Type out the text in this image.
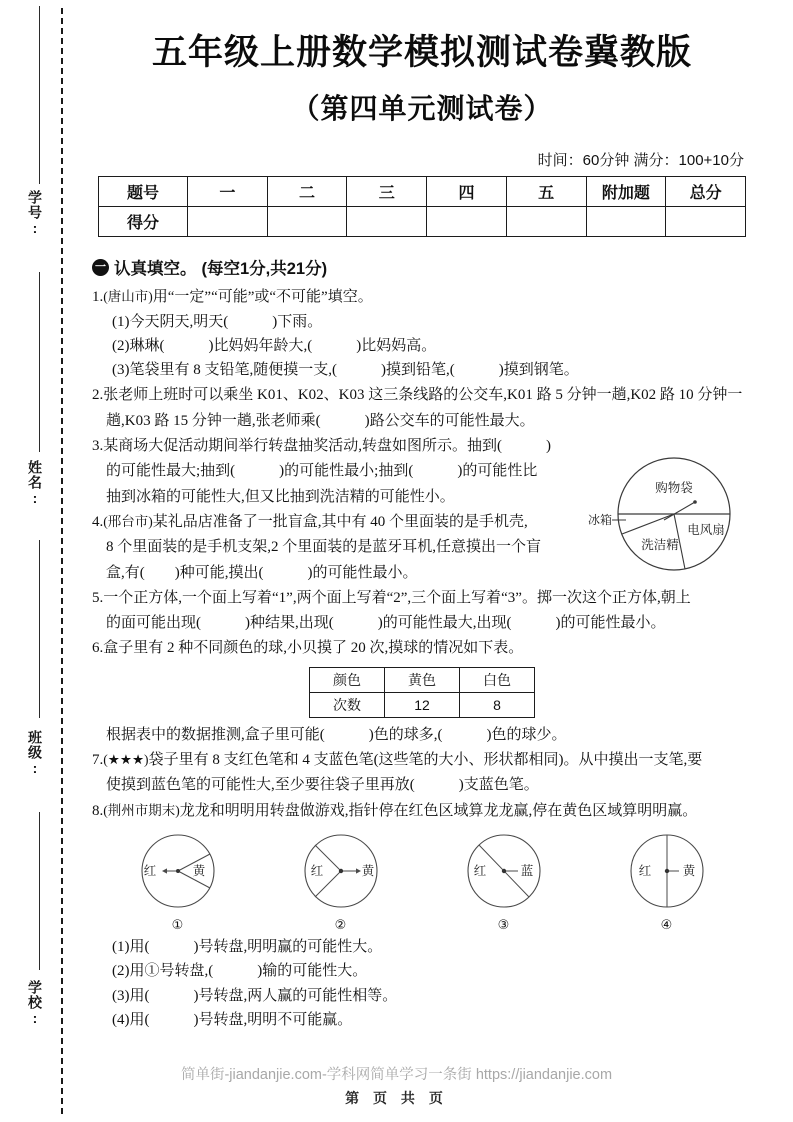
学号:
姓名:
班级:
学校:
五年级上册数学模拟测试卷冀教版
（第四单元测试卷）
时间：60分钟 满分：100+10分
题号	一	二	三	四	五	附加题	总分
得分							
一 认真填空。 (每空1分,共21分)
1.(唐山市)用“一定”“可能”或“不可能”填空。
(1)今天阴天,明天(	)下雨。
(2)琳琳(	)比妈妈年龄大,(	)比妈妈高。
(3)笔袋里有 8 支铅笔,随便摸一支,(	)摸到铅笔,(	)摸到钢笔。
2.张老师上班时可以乘坐 K01、K02、K03 这三条线路的公交车,K01 路 5 分钟一趟,K02 路 10 分钟一
趟,K03 路 15 分钟一趟,张老师乘(	)路公交车的可能性最大。
3.某商场大促活动期间举行转盘抽奖活动,转盘如图所示。抽到(	)
的可能性最大;抽到(	)的可能性最小;抽到(	)的可能性比
抽到冰箱的可能性大,但又比抽到洗洁精的可能性小。
购物袋
电风扇
洗洁精
冰箱
4.(邢台市)某礼品店准备了一批盲盒,其中有 40 个里面装的是手机壳,
8 个里面装的是手机支架,2 个里面装的是蓝牙耳机,任意摸出一个盲
盒,有( )种可能,摸出(	)的可能性最小。
5.一个正方体,一个面上写着“1”,两个面上写着“2”,三个面上写着“3”。掷一次这个正方体,朝上
的面可能出现(	)种结果,出现(	)的可能性最大,出现(	)的可能性最小。
6.盒子里有 2 种不同颜色的球,小贝摸了 20 次,摸球的情况如下表。
颜色	黄色	白色
次数	12	8
根据表中的数据推测,盒子里可能(	)色的球多,(	)色的球少。
7.(★★★)袋子里有 8 支红色笔和 4 支蓝色笔(这些笔的大小、形状都相同)。从中摸出一支笔,要
使摸到蓝色笔的可能性大,至少要往袋子里再放(	)支蓝色笔。
8.(荆州市期末)龙龙和明明用转盘做游戏,指针停在红色区域算龙龙赢,停在黄色区域算明明赢。
红	黄
①
红	黄
②
红	蓝
③
红	黄
④
(1)用(	)号转盘,明明赢的可能性大。
(2)用①号转盘,(	)输的可能性大。
(3)用(	)号转盘,两人赢的可能性相等。
(4)用(	)号转盘,明明不可能赢。
简单街-jiandanjie.com-学科网简单学习一条街 https://jiandanjie.com
第 页 共 页
